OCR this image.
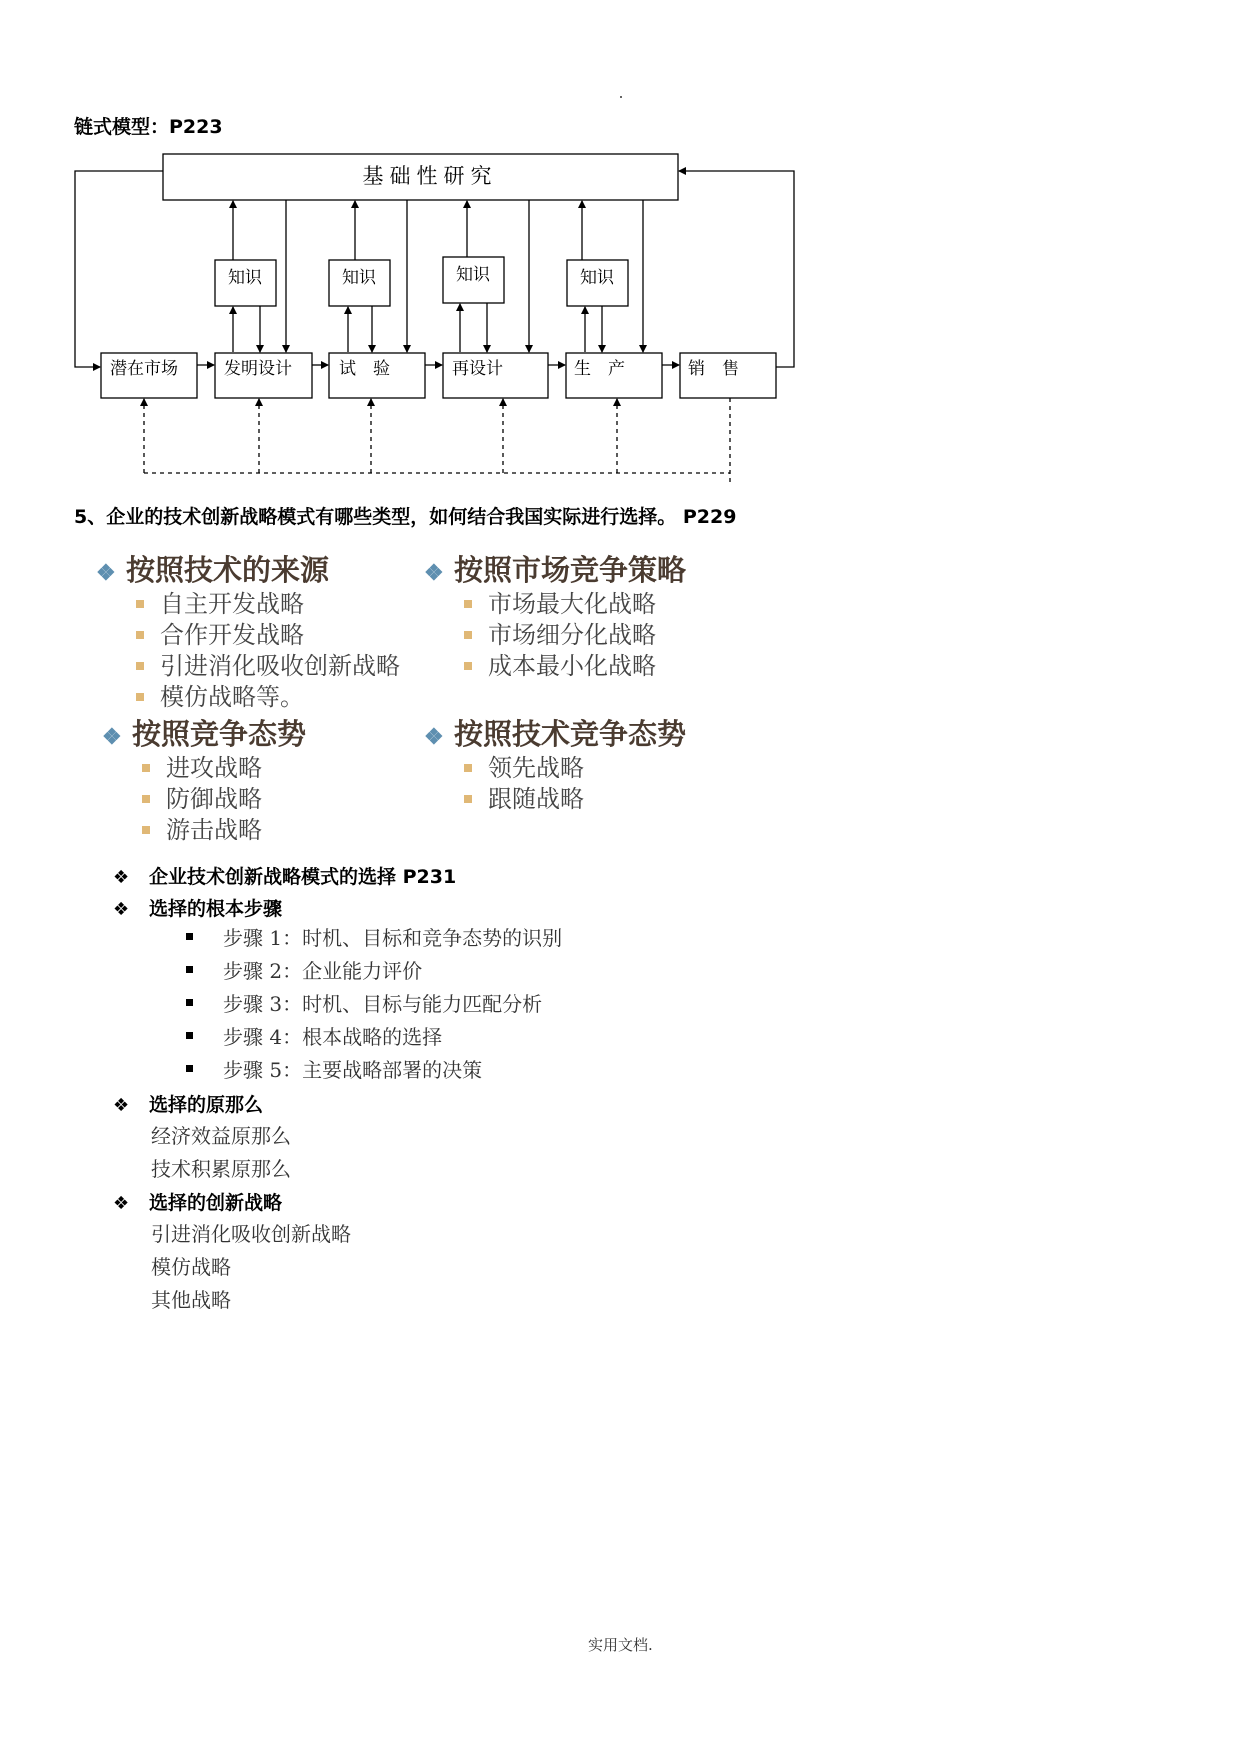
链式模型：P223
基础性研究
知识	知识	知识	知识
潜在市场	发明设计	试　验	再设计	生　产	销　售
5、企业的技术创新战略模式有哪些类型，如何结合我国实际进行选择。 P229
❖ 按照技术的来源
自主开发战略
合作开发战略
引进消化吸收创新战略
模仿战略等。
❖ 按照市场竞争策略
市场最大化战略
市场细分化战略
成本最小化战略
❖ 按照竞争态势
进攻战略
防御战略
游击战略
❖ 按照技术竞争态势
领先战略
跟随战略
❖ 企业技术创新战略模式的选择 P231
❖ 选择的根本步骤
步骤 1：时机、目标和竞争态势的识别
步骤 2：企业能力评价
步骤 3：时机、目标与能力匹配分析
步骤 4：根本战略的选择
步骤 5：主要战略部署的决策
❖ 选择的原那么
经济效益原那么
技术积累原那么
❖ 选择的创新战略
引进消化吸收创新战略
模仿战略
其他战略
实用文档.
